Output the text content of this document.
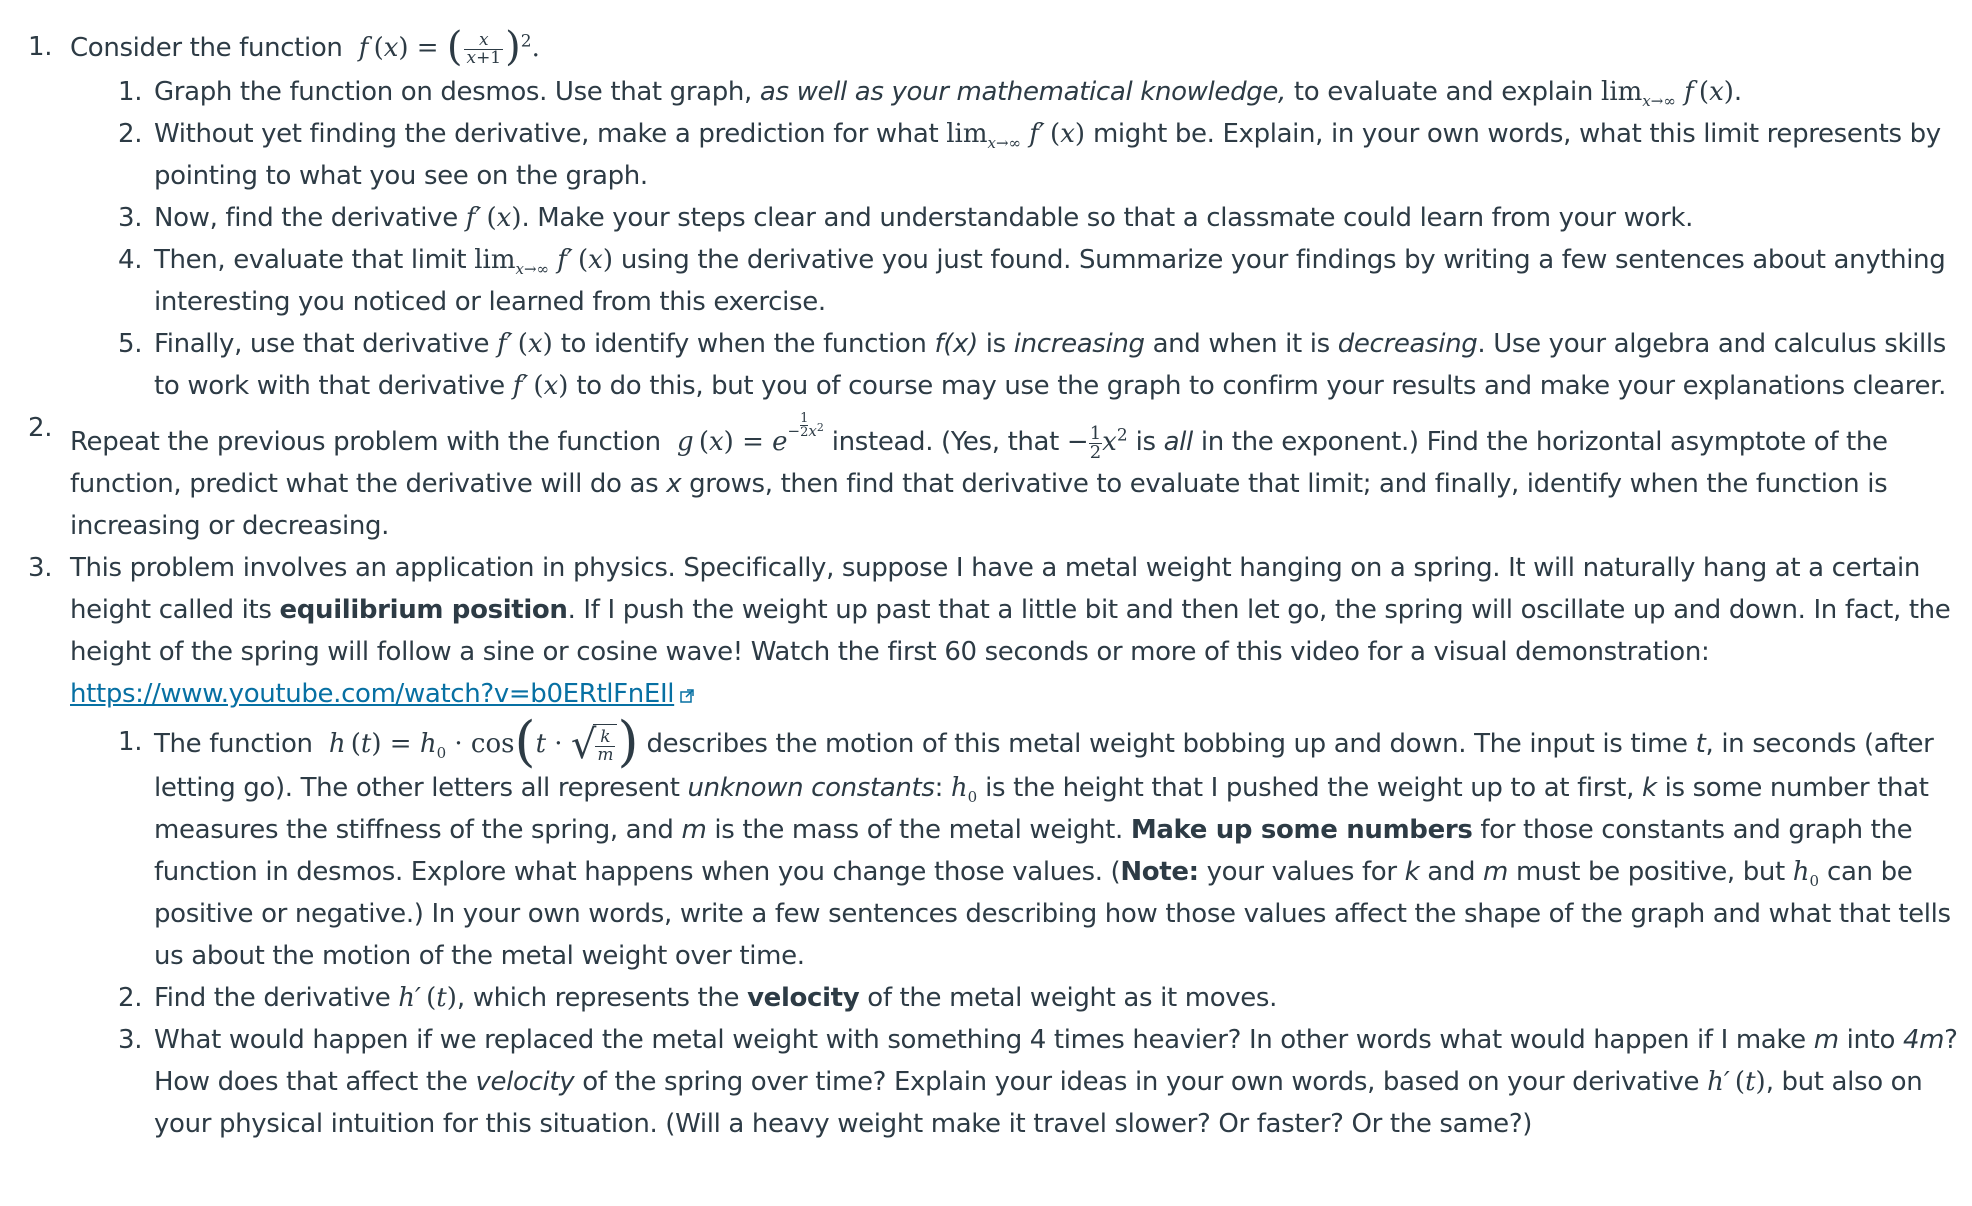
1. Consider the function  f (x) = ( $\frac{x}{x+1} )^2$.
1. Graph the function on desmos. Use that graph, as well as your mathematical knowledge, to evaluate and explain $\lim_{x\to\infty} f$ (x).
2. Without yet finding the derivative, make a prediction for what $\lim_{x\to\infty} f'$ (x) might be. Explain, in your own words, what this limit represents by pointing to what you see on the graph.
3. Now, find the derivative f′ (x). Make your steps clear and understandable so that a classmate could learn from your work.
4. Then, evaluate that limit $\lim_{x\to\infty} f'$ (x) using the derivative you just found. Summarize your findings by writing a few sentences about anything interesting you noticed or learned from this exercise.
5. Finally, use that derivative f′ (x) to identify when the function f(x) is increasing and when it is decreasing. Use your algebra and calculus skills to work with that derivative f′ (x) to do this, but you of course may use the graph to confirm your results and make your explanations clearer.
2. Repeat the previous problem with the function  g $(x) = e^- \frac{1}{2} ^{x^2}$ instead. (Yes, that − $\frac{1}{2} x^2$ is all in the exponent.) Find the horizontal asymptote of the function, predict what the derivative will do as x grows, then find that derivative to evaluate that limit; and finally, identify when the function is increasing or decreasing.
3. This problem involves an application in physics. Specifically, suppose I have a metal weight hanging on a spring. It will naturally hang at a certain height called its equilibrium position. If I push the weight up past that a little bit and then let go, the spring will oscillate up and down. In fact, the height of the spring will follow a sine or cosine wave! Watch the first 60 seconds or more of this video for a visual demonstration:
https://www.youtube.com/watch?v=b0ERtlFnEIl
1. The function  h $(t) = h_0 \cdot \cos(t$ · √ $\frac{k}{m}$ ) describes the motion of this metal weight bobbing up and down. The input is time t, in seconds (after letting go). The other letters all represent unknown constants: $h_0$ is the height that I pushed the weight up to at first, k is some number that measures the stiffness of the spring, and m is the mass of the metal weight. Make up some numbers for those constants and graph the function in desmos. Explore what happens when you change those values. (Note: your values for k and m must be positive, but $h_0$ can be positive or negative.) In your own words, write a few sentences describing how those values affect the shape of the graph and what that tells us about the motion of the metal weight over time.
2. Find the derivative h′ (t), which represents the velocity of the metal weight as it moves.
3. What would happen if we replaced the metal weight with something 4 times heavier? In other words what would happen if I make m into 4m? How does that affect the velocity of the spring over time? Explain your ideas in your own words, based on your derivative h′ (t), but also on your physical intuition for this situation. (Will a heavy weight make it travel slower? Or faster? Or the same?)
